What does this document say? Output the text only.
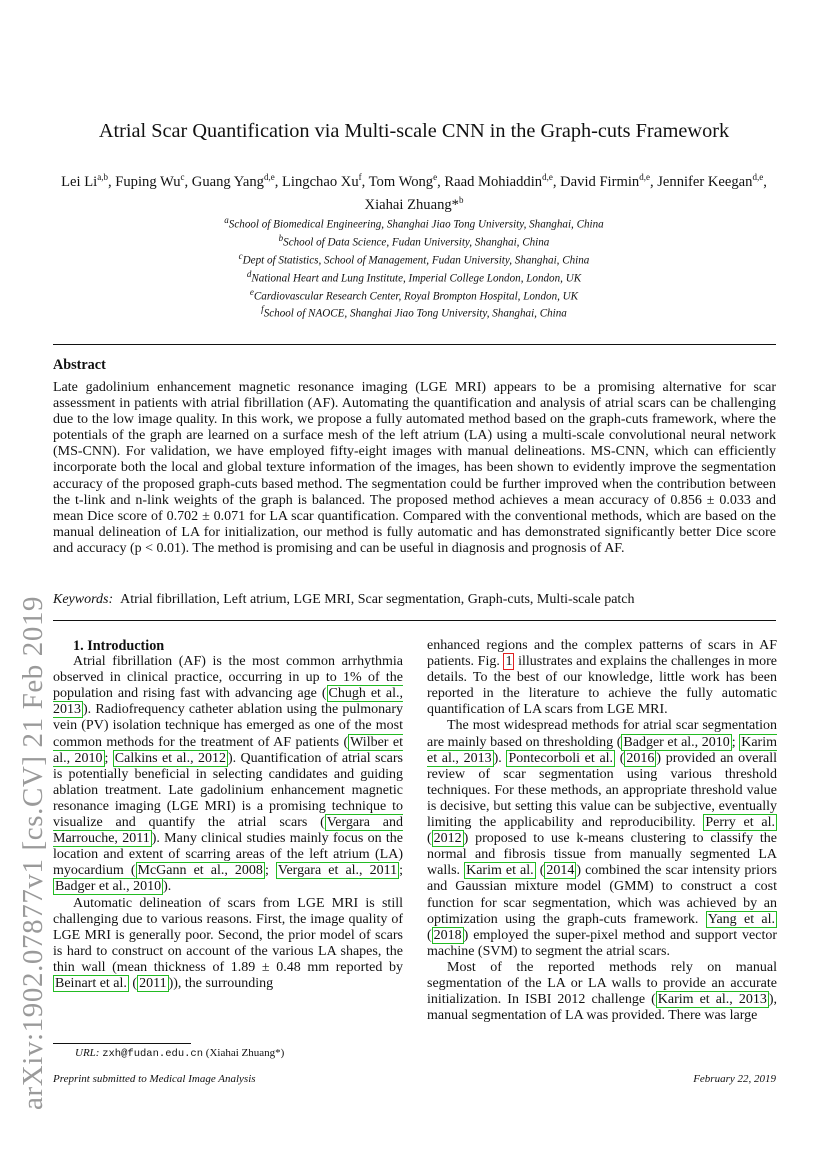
arXiv:1902.07877v1 [cs.CV] 21 Feb 2019
Atrial Scar Quantification via Multi-scale CNN in the Graph-cuts Framework
Lei Li$^{a,b}$, Fuping Wu$^c$, Guang Yang$^{d,e}$, Lingchao Xu$^f$, Tom Wong$^e$, Raad Mohiaddin$^{d,e}$, David Firmin$^{d,e}$, Jennifer Keegan$^{d,e}$, Xiahai Zhuang*$^b$
$^a$School of Biomedical Engineering, Shanghai Jiao Tong University, Shanghai, China
$^b$School of Data Science, Fudan University, Shanghai, China
$^c$Dept of Statistics, School of Management, Fudan University, Shanghai, China
$^d$National Heart and Lung Institute, Imperial College London, London, UK
$^e$Cardiovascular Research Center, Royal Brompton Hospital, London, UK
$^f$School of NAOCE, Shanghai Jiao Tong University, Shanghai, China
Abstract
Late gadolinium enhancement magnetic resonance imaging (LGE MRI) appears to be a promising alternative for scar assessment in patients with atrial fibrillation (AF). Automating the quantification and analysis of atrial scars can be challenging due to the low image quality. In this work, we propose a fully automated method based on the graph-cuts framework, where the potentials of the graph are learned on a surface mesh of the left atrium (LA) using a multi-scale convolutional neural network (MS-CNN). For validation, we have employed fifty-eight images with manual delineations. MS-CNN, which can efficiently incorporate both the local and global texture information of the images, has been shown to evidently improve the segmentation accuracy of the proposed graph-cuts based method. The segmentation could be further improved when the contribution between the t-link and n-link weights of the graph is balanced. The proposed method achieves a mean accuracy of 0.856 ± 0.033 and mean Dice score of 0.702 ± 0.071 for LA scar quantification. Compared with the conventional methods, which are based on the manual delineation of LA for initialization, our method is fully automatic and has demonstrated significantly better Dice score and accuracy (p < 0.01). The method is promising and can be useful in diagnosis and prognosis of AF.
Keywords: Atrial fibrillation, Left atrium, LGE MRI, Scar segmentation, Graph-cuts, Multi-scale patch

1. Introduction

Atrial fibrillation (AF) is the most common arrhythmia observed in clinical practice, occurring in up to 1% of the population and rising fast with advancing age ( Chugh et al., 2013 ). Radiofrequency catheter ablation using the pulmonary vein (PV) isolation technique has emerged as one of the most common methods for the treatment of AF patients ( Wilber et al., 2010 ; Calkins et al., 2012 ). Quantification of atrial scars is potentially beneficial in selecting candidates and guiding ablation treatment. Late gadolinium enhancement magnetic resonance imaging (LGE MRI) is a promising technique to visualize and quantify the atrial scars ( Vergara and Marrouche, 2011 ). Many clinical studies mainly focus on the location and extent of scarring areas of the left atrium (LA) myocardium ( McGann et al., 2008 ; Vergara et al., 2011 ; Badger et al., 2010 ).

Automatic delineation of scars from LGE MRI is still challenging due to various reasons. First, the image quality of LGE MRI is generally poor. Second, the prior model of scars is hard to construct on account of the various LA shapes, the thin wall (mean thickness of 1.89 ± 0.48 mm reported by Beinart et al. ( 2011 )), the surrounding

enhanced regions and the complex patterns of scars in AF patients. Fig. 1 illustrates and explains the challenges in more details. To the best of our knowledge, little work has been reported in the literature to achieve the fully automatic quantification of LA scars from LGE MRI.

The most widespread methods for atrial scar segmentation are mainly based on thresholding ( Badger et al., 2010 ; Karim et al., 2013 ). Pontecorboli et al. ( 2016 ) provided an overall review of scar segmentation using various threshold techniques. For these methods, an appropriate threshold value is decisive, but setting this value can be subjective, eventually limiting the applicability and reproducibility. Perry et al. ( 2012 ) proposed to use k-means clustering to classify the normal and fibrosis tissue from manually segmented LA walls. Karim et al. ( 2014 ) combined the scar intensity priors and Gaussian mixture model (GMM) to construct a cost function for scar segmentation, which was achieved by an optimization using the graph-cuts framework. Yang et al. ( 2018 ) employed the super-pixel method and support vector machine (SVM) to segment the atrial scars.

Most of the reported methods rely on manual segmentation of the LA or LA walls to provide an accurate initialization. In ISBI 2012 challenge ( Karim et al., 2013 ), manual segmentation of LA was provided. There was large

URL: zxh@fudan.edu.cn (Xiahai Zhuang*)
Preprint submitted to Medical Image Analysis	February 22, 2019
